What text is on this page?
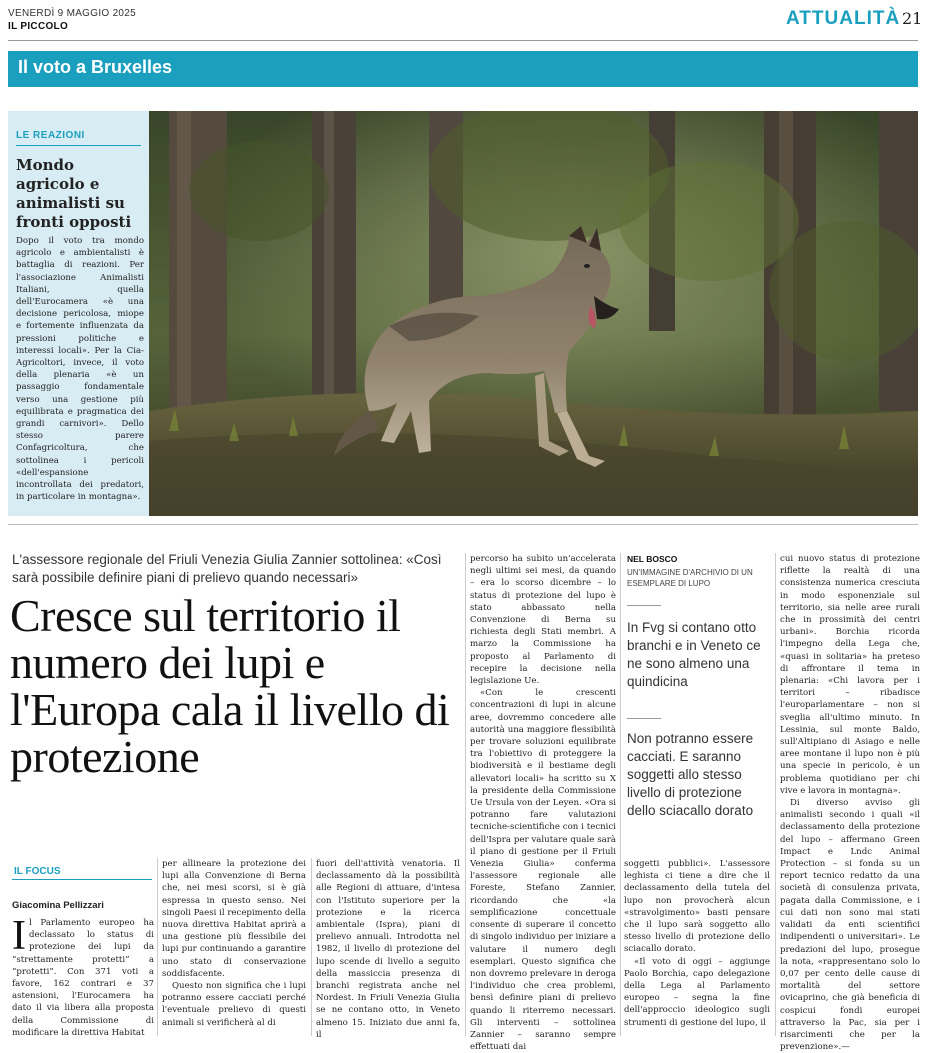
VENERDÌ 9 MAGGIO 2025
IL PICCOLO	ATTUALITÀ 21
Il voto a Bruxelles
LE REAZIONI
Mondo agricolo e animalisti su fronti opposti
Dopo il voto tra mondo agricolo e ambientalisti è battaglia di reazioni. Per l'associazione Animalisti Italiani, quella dell'Eurocamera «è una decisione pericolosa, miope e fortemente influenzata da pressioni politiche e interessi locali». Per la Cia-Agricoltori, invece, il voto della plenaria «è un passaggio fondamentale verso una gestione più equilibrata e pragmatica dei grandi carnivori». Dello stesso parere Confagricoltura, che sottolinea i pericoli «dell'espansione incontrollata dei predatori, in particolare in montagna».
L'assessore regionale del Friuli Venezia Giulia Zannier sottolinea: «Così sarà possibile definire piani di prelievo quando necessari»
Cresce sul territorio il numero dei lupi e l'Europa cala il livello di protezione
IL FOCUS
Giacomina Pellizzari
I l Parlamento europeo ha declassato lo status di protezione dei lupi da “strettamente protetti” a “protetti”. Con 371 voti a favore, 162 contrari e 37 astensioni, l'Eurocamera ha dato il via libera alla proposta della Commissione di modificare la direttiva Habitat

per allineare la protezione dei lupi alla Convenzione di Berna che, nei mesi scorsi, si è già espressa in questo senso. Nei singoli Paesi il recepimento della nuova direttiva Habitat aprirà a una gestione più flessibile dei lupi pur continuando a garantire uno stato di conservazione soddisfacente.

Questo non significa che i lupi potranno essere cacciati perché l'eventuale prelievo di questi animali si verificherà al di

fuori dell'attività venatoria. Il declassamento dà la possibilità alle Regioni di attuare, d'intesa con l'Istituto superiore per la protezione e la ricerca ambientale (Ispra), piani di prelievo annuali. Introdotta nel 1982, il livello di protezione del lupo scende di livello a seguito della massiccia presenza di branchi registrata anche nel Nordest. In Friuli Venezia Giulia se ne contano otto, in Veneto almeno 15. Iniziato due anni fa, il

percorso ha subito un'accelerata negli ultimi sei mesi, da quando – era lo scorso dicembre – lo status di protezione del lupo è stato abbassato nella Convenzione di Berna su richiesta degli Stati membri. A marzo la Commissione ha proposto al Parlamento di recepire la decisione nella legislazione Ue.

«Con le crescenti concentrazioni di lupi in alcune aree, dovremmo concedere alle autorità una maggiore flessibilità per trovare soluzioni equilibrate tra l'obiettivo di proteggere la biodiversità e il bestiame degli allevatori locali» ha scritto su X la presidente della Commissione Ue Ursula von der Leyen. «Ora si potranno fare valutazioni tecniche-scientifiche con i tecnici dell'Ispra per valutare quale sarà il piano di gestione per il Friuli Venezia Giulia» conferma l'assessore regionale alle Foreste, Stefano Zannier, ricordando che «la semplificazione concettuale consente di superare il concetto di singolo individuo per iniziare a valutare il numero degli esemplari. Questo significa che non dovremo prelevare in deroga l'individuo che crea problemi, bensì definire piani di prelievo quando li riterremo necessari. Gli interventi – sottolinea Zannier – saranno sempre effettuati dai

NEL BOSCO
UN'IMMAGINE D'ARCHIVIO DI UN ESEMPLARE DI LUPO
In Fvg si contano otto branchi e in Veneto ce ne sono almeno una quindicina
Non potranno essere cacciati. E saranno soggetti allo stesso livello di protezione dello sciacallo dorato

soggetti pubblici». L'assessore leghista ci tiene a dire che il declassamento della tutela del lupo non provocherà alcun «stravolgimento» basti pensare che il lupo sarà soggetto allo stesso livello di protezione dello sciacallo dorato.

«Il voto di oggi – aggiunge Paolo Borchia, capo delegazione della Lega al Parlamento europeo – segna la fine dell'approccio ideologico sugli strumenti di gestione del lupo, il

cui nuovo status di protezione riflette la realtà di una consistenza numerica cresciuta in modo esponenziale sul territorio, sia nelle aree rurali che in prossimità dei centri urbani». Borchia ricorda l'impegno della Lega che, «quasi in solitaria» ha preteso di affrontare il tema in plenaria: «Chi lavora per i territori – ribadisce l'europarlamentare – non si sveglia all'ultimo minuto. In Lessinia, sul monte Baldo, sull'Altipiano di Asiago e nelle aree montane il lupo non è più una specie in pericolo, è un problema quotidiano per chi vive e lavora in montagna».

Di diverso avviso gli animalisti secondo i quali «il declassamento della protezione del lupo – affermano Green Impact e Lndc Animal Protection – si fonda su un report tecnico redatto da una società di consulenza privata, pagata dalla Commissione, e i cui dati non sono mai stati validati da enti scientifici indipendenti o universitari». Le predazioni del lupo, prosegue la nota, «rappresentano solo lo 0,07 per cento delle cause di mortalità del settore ovicaprino, che già beneficia di cospicui fondi europei attraverso la Pac, sia per i risarcimenti che per la prevenzione».—
